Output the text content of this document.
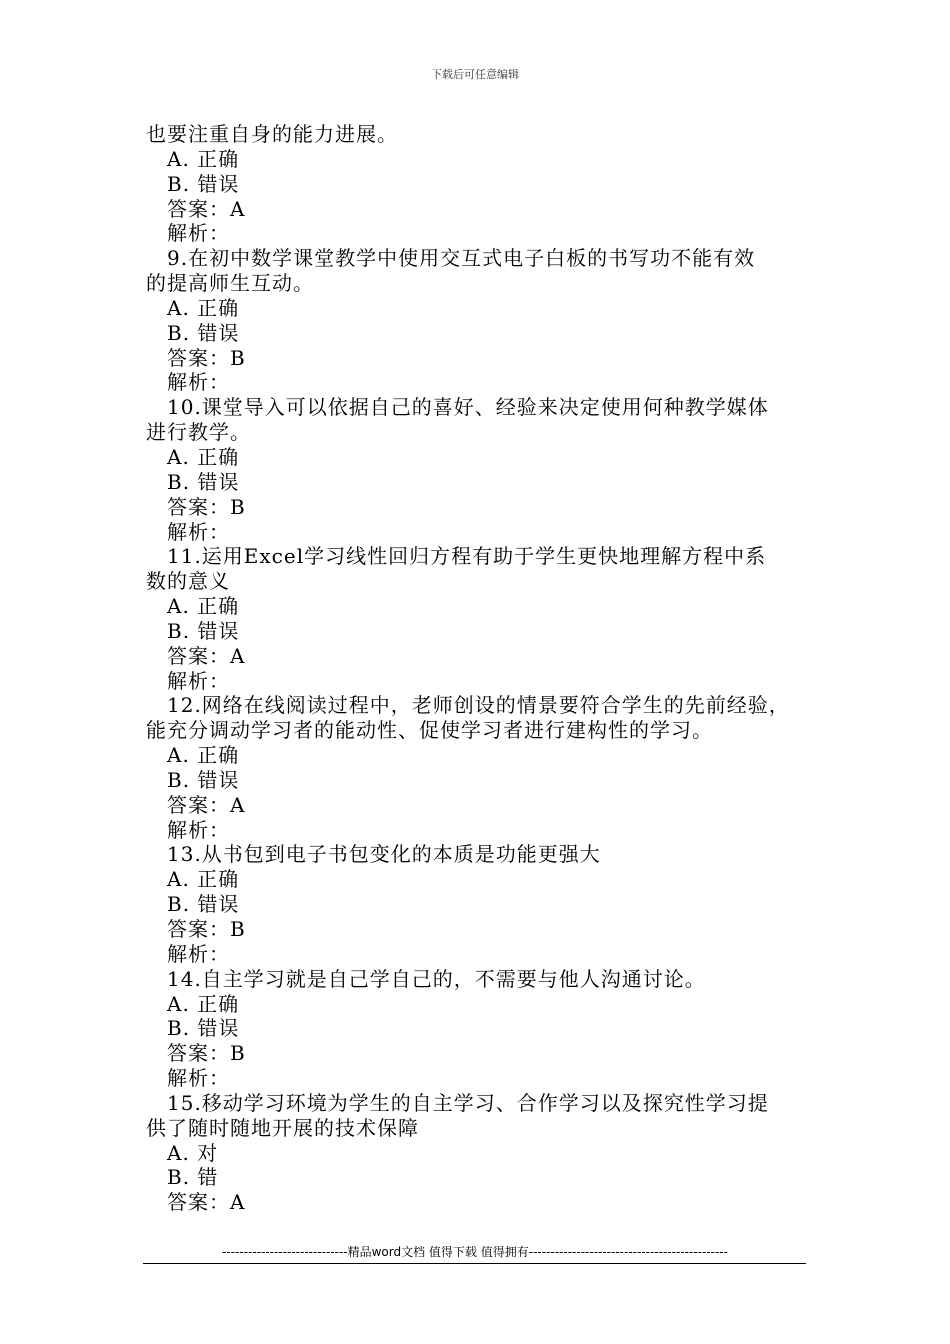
下载后可任意编辑
也要注重自身的能力进展。
A. 正确
B. 错误
答案：A
解析：
9.在初中数学课堂教学中使用交互式电子白板的书写功不能有效
的提高师生互动。
A. 正确
B. 错误
答案：B
解析：
10.课堂导入可以依据自己的喜好、经验来决定使用何种教学媒体
进行教学。
A. 正确
B. 错误
答案：B
解析：
11.运用Excel学习线性回归方程有助于学生更快地理解方程中系
数的意义
A. 正确
B. 错误
答案：A
解析：
12.网络在线阅读过程中，老师创设的情景要符合学生的先前经验，
能充分调动学习者的能动性、促使学习者进行建构性的学习。
A. 正确
B. 错误
答案：A
解析：
13.从书包到电子书包变化的本质是功能更强大
A. 正确
B. 错误
答案：B
解析：
14.自主学习就是自己学自己的，不需要与他人沟通讨论。
A. 正确
B. 错误
答案：B
解析：
15.移动学习环境为学生的自主学习、合作学习以及探究性学习提
供了随时随地开展的技术保障
A. 对
B. 错
答案：A
-----------------------------精品word文档 值得下载 值得拥有----------------------------------------------
